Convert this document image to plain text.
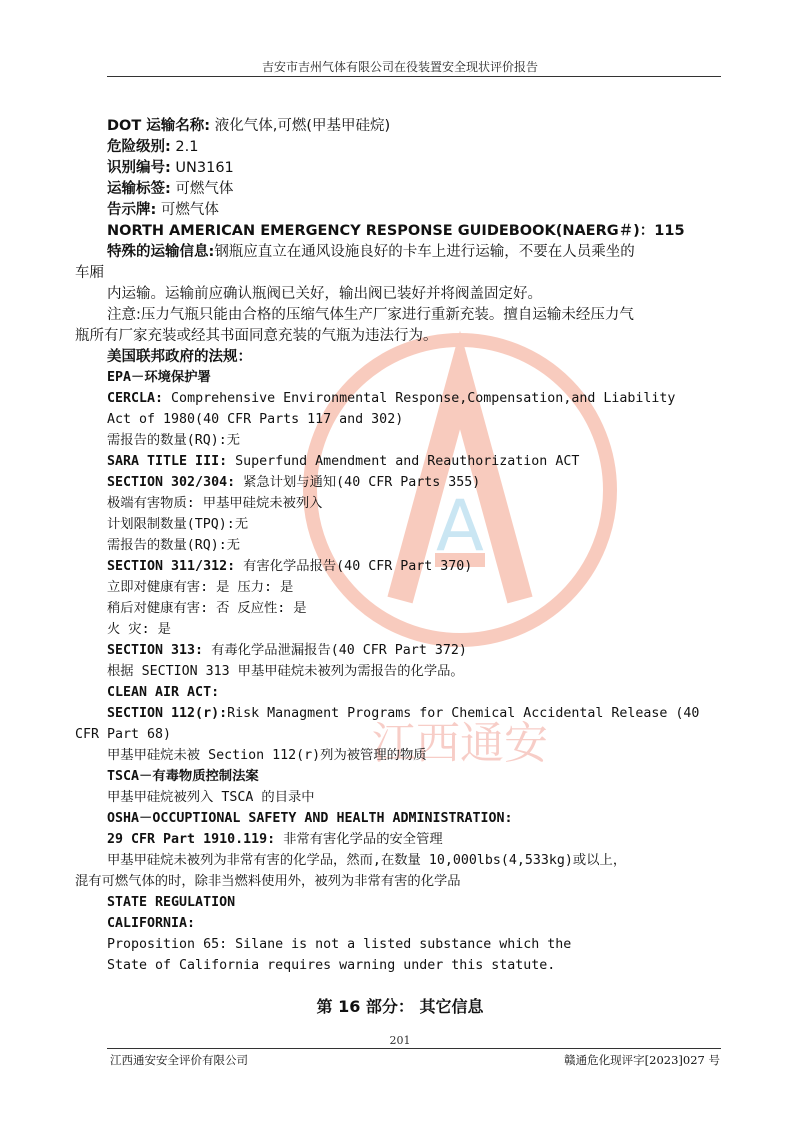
吉安市吉州气体有限公司在役装置安全现状评价报告
A
江西通安
DOT 运输名称: 液化气体,可燃(甲基甲硅烷)
危险级别: 2.1
识别编号: UN3161
运输标签: 可燃气体
告示牌: 可燃气体
NORTH AMERICAN EMERGENCY RESPONSE GUIDEBOOK(NAERG＃)：115
特殊的运输信息:钢瓶应直立在通风设施良好的卡车上进行运输，不要在人员乘坐的
车厢
内运输。运输前应确认瓶阀已关好，输出阀已装好并将阀盖固定好。
注意:压力气瓶只能由合格的压缩气体生产厂家进行重新充装。擅自运输未经压力气
瓶所有厂家充装或经其书面同意充装的气瓶为违法行为。
美国联邦政府的法规：
EPA－环境保护署
CERCLA: Comprehensive Environmental Response,Compensation,and Liability
Act of 1980(40 CFR Parts 117 and 302)
需报告的数量(RQ):无
SARA TITLE III: Superfund Amendment and Reauthorization ACT
SECTION 302/304: 紧急计划与通知(40 CFR Parts 355)
极端有害物质: 甲基甲硅烷未被列入
计划限制数量(TPQ):无
需报告的数量(RQ):无
SECTION 311/312: 有害化学品报告(40 CFR Part 370)
立即对健康有害: 是 压力: 是
稍后对健康有害: 否 反应性: 是
火 灾: 是
SECTION 313: 有毒化学品泄漏报告(40 CFR Part 372)
根据 SECTION 313 甲基甲硅烷未被列为需报告的化学品。
CLEAN AIR ACT:
SECTION 112(r):Risk Managment Programs for Chemical Accidental Release (40
CFR Part 68)
甲基甲硅烷未被 Section 112(r)列为被管理的物质
TSCA－有毒物质控制法案
甲基甲硅烷被列入 TSCA 的目录中
OSHA－OCCUPTIONAL SAFETY AND HEALTH ADMINISTRATION:
29 CFR Part 1910.119: 非常有害化学品的安全管理
甲基甲硅烷未被列为非常有害的化学品，然而,在数量 10,000lbs(4,533kg)或以上，
混有可燃气体的时，除非当燃料使用外，被列为非常有害的化学品
STATE REGULATION
CALIFORNIA:
Proposition 65: Silane is not a listed substance which the
State of California requires warning under this statute.
第 16 部分： 其它信息
201
江西通安安全评价有限公司	赣通危化现评字[2023]027 号
